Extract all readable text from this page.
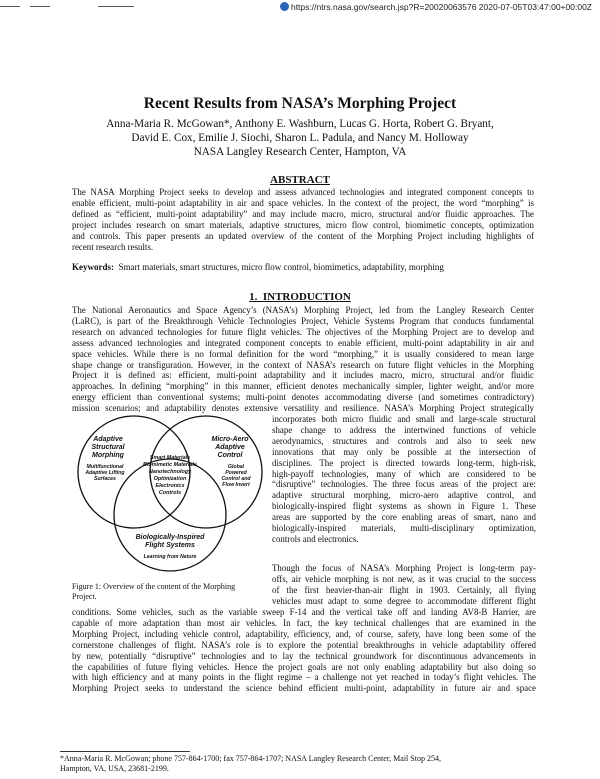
https://ntrs.nasa.gov/search.jsp?R=20020063576 2020-07-05T03:47:00+00:00Z
Recent Results from NASA’s Morphing Project
Anna-Maria R. McGowan*, Anthony E. Washburn, Lucas G. Horta, Robert G. Bryant,
David E. Cox, Emilie J. Siochi, Sharon L. Padula, and Nancy M. Holloway
NASA Langley Research Center, Hampton, VA
ABSTRACT
The NASA Morphing Project seeks to develop and assess advanced technologies and integrated component concepts to
enable efficient, multi-point adaptability in air and space vehicles. In the context of the project, the word “morphing” is
defined as “efficient, multi-point adaptability” and may include macro, micro, structural and/or fluidic approaches. The
project includes research on smart materials, adaptive structures, micro flow control, biomimetic concepts, optimization
and controls. This paper presents an updated overview of the content of the Morphing Project including highlights of
recent research results.
Keywords: Smart materials, smart structures, micro flow control, biomimetics, adaptability, morphing
1.  INTRODUCTION
The National Aeronautics and Space Agency’s (NASA’s) Morphing Project, led from the Langley Research Center
(LaRC), is part of the Breakthrough Vehicle Technologies Project, Vehicle Systems Program that conducts fundamental
research on advanced technologies for future flight vehicles. The objectives of the Morphing Project are to develop and
assess advanced technologies and integrated component concepts to enable efficient, multi-point adaptability in air and
space vehicles. While there is no formal definition for the word “morphing,” it is usually considered to mean large
shape change or transfiguration. However, in the context of NASA’s research on future flight vehicles in the Morphing
Project it is defined as: efficient, multi-point adaptability and it includes macro, micro, structural and/or fluidic
approaches. In defining “morphing” in this manner, efficient denotes mechanically simpler, lighter weight, and/or more
energy efficient than conventional systems; multi-point denotes accommodating diverse (and sometimes contradictory)
mission scenarios; and adaptability denotes extensive versatility and resilience. NASA’s Morphing Project strategically
incorporates both micro fluidic and small and large-scale structural
shape change to address the intertwined functions of vehicle
aerodynamics, structures and controls and also to seek new
innovations that may only be possible at the intersection of
disciplines. The project is directed towards long-term, high-risk,
high-payoff technologies, many of which are considered to be
“disruptive” technologies. The three focus areas of the project are:
adaptive structural morphing, micro-aero adaptive control, and
biologically-inspired flight systems as shown in Figure 1. These
areas are supported by the core enabling areas of smart, nano and
biologically-inspired materials, multi-disciplinary optimization,
controls and electronics.
Though the focus of NASA’s Morphing Project is long-term pay-
offs, air vehicle morphing is not new, as it was crucial to the success
of the first heavier-than-air flight in 1903. Certainly, all flying
vehicles must adapt to some degree to accommodate different flight
Adaptive
Structural
Morphing
Multifunctional
Adaptive Lifting
Surfaces
Micro-Aero
Adaptive
Control
Global
Powered
Control and
Flow Invert
Smart Materials
Biomimetic Materials
Nanotechnology
Optimization
Electronics
Controls
Biologically-Inspired
Flight Systems
Learning from Nature
Figure 1: Overview of the content of the Morphing
Project.
conditions. Some vehicles, such as the variable sweep F-14 and the vertical take off and landing AV8-B Harrier, are
capable of more adaptation than most air vehicles. In fact, the key technical challenges that are examined in the
Morphing Project, including vehicle control, adaptability, efficiency, and, of course, safety, have long been some of the
cornerstone challenges of flight. NASA’s role is to explore the potential breakthroughs in vehicle adaptability offered
by new, potentially “disruptive” technologies and to lay the technical groundwork for discontinuous advancements in
the capabilities of future flying vehicles. Hence the project goals are not only enabling adaptability but also doing so
with high efficiency and at many points in the flight regime – a challenge not yet reached in today’s flight vehicles. The
Morphing Project seeks to understand the science behind efficient multi-point, adaptability in future air and space
*Anna-Maria R. McGowan; phone 757-864-1700; fax 757-864-1707; NASA Langley Research Center, Mail Stop 254,
Hampton, VA, USA, 23681-2199.
